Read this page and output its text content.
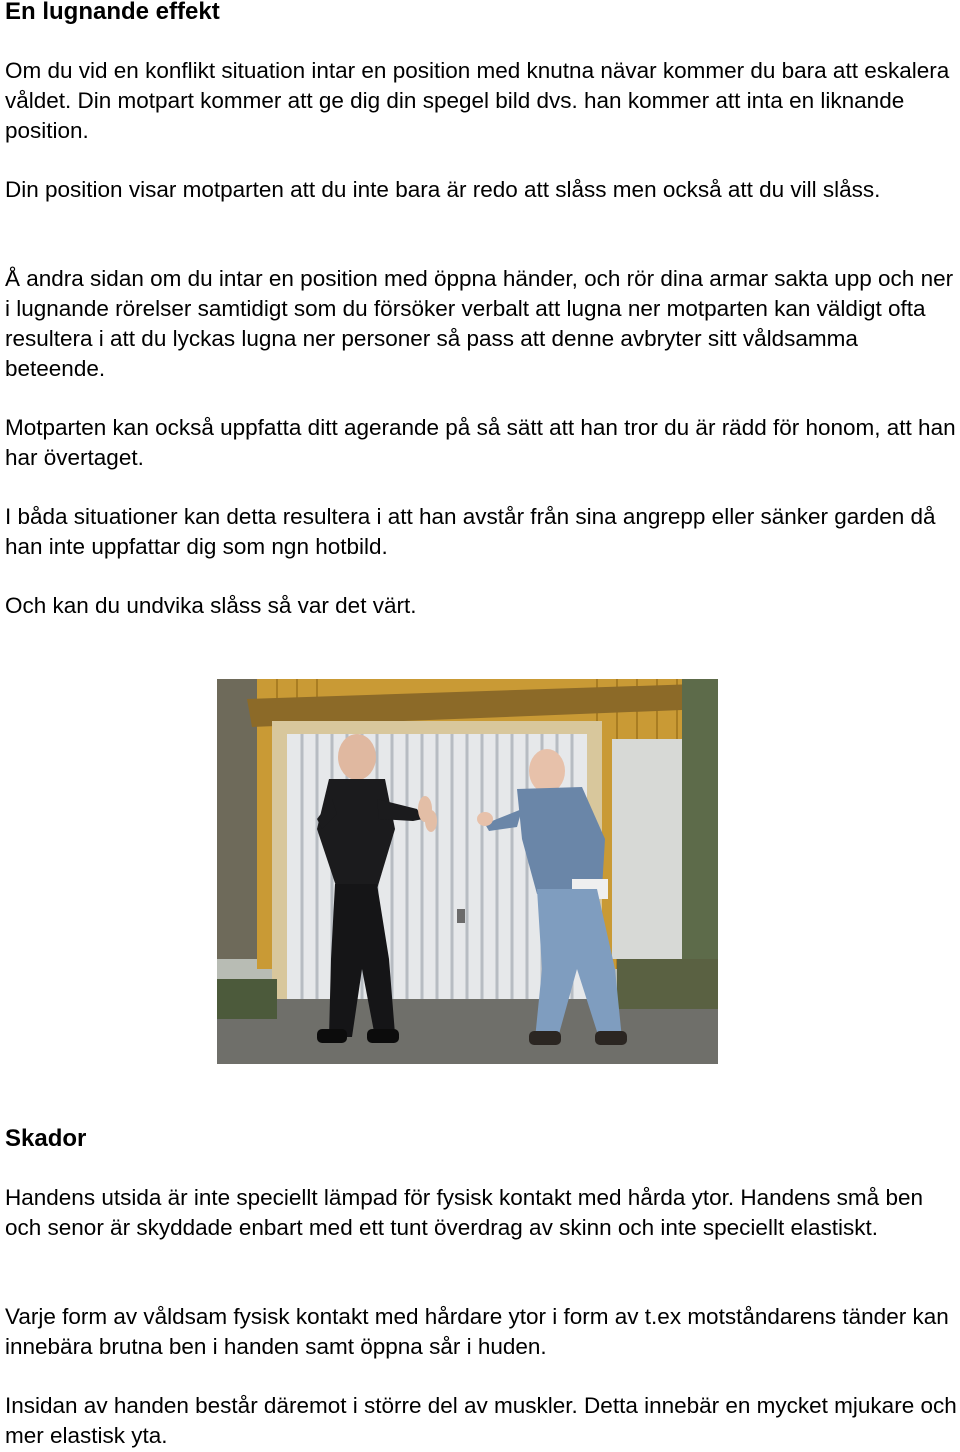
En lugnande effekt

Om du vid en konflikt situation intar en position med knutna nävar kommer du bara att eskalera våldet. Din motpart kommer att ge dig din spegel bild dvs. han kommer att inta en liknande position.

Din position visar motparten att du inte bara är redo att slåss men också att du vill slåss.

Å andra sidan om du intar en position med öppna händer, och rör dina armar sakta upp och ner i lugnande rörelser samtidigt som du försöker verbalt att lugna ner motparten kan väldigt ofta resultera i att du lyckas lugna ner personer så pass att denne avbryter sitt våldsamma beteende.

Motparten kan också uppfatta ditt agerande på så sätt att han tror du är rädd för honom, att han har övertaget.

I båda situationer kan detta resultera i att han avstår från sina angrepp eller sänker garden då han inte uppfattar dig som ngn hotbild.

Och kan du undvika slåss så var det värt.

Skador

Handens utsida är inte speciellt lämpad för fysisk kontakt med hårda ytor. Handens små ben och senor är skyddade enbart med ett tunt överdrag av skinn och inte speciellt elastiskt.

Varje form av våldsam fysisk kontakt med hårdare ytor i form av t.ex motståndarens tänder kan innebära brutna ben i handen samt öppna sår i huden.

Insidan av handen består däremot i större del av muskler. Detta innebär en mycket mjukare och mer elastisk yta.
